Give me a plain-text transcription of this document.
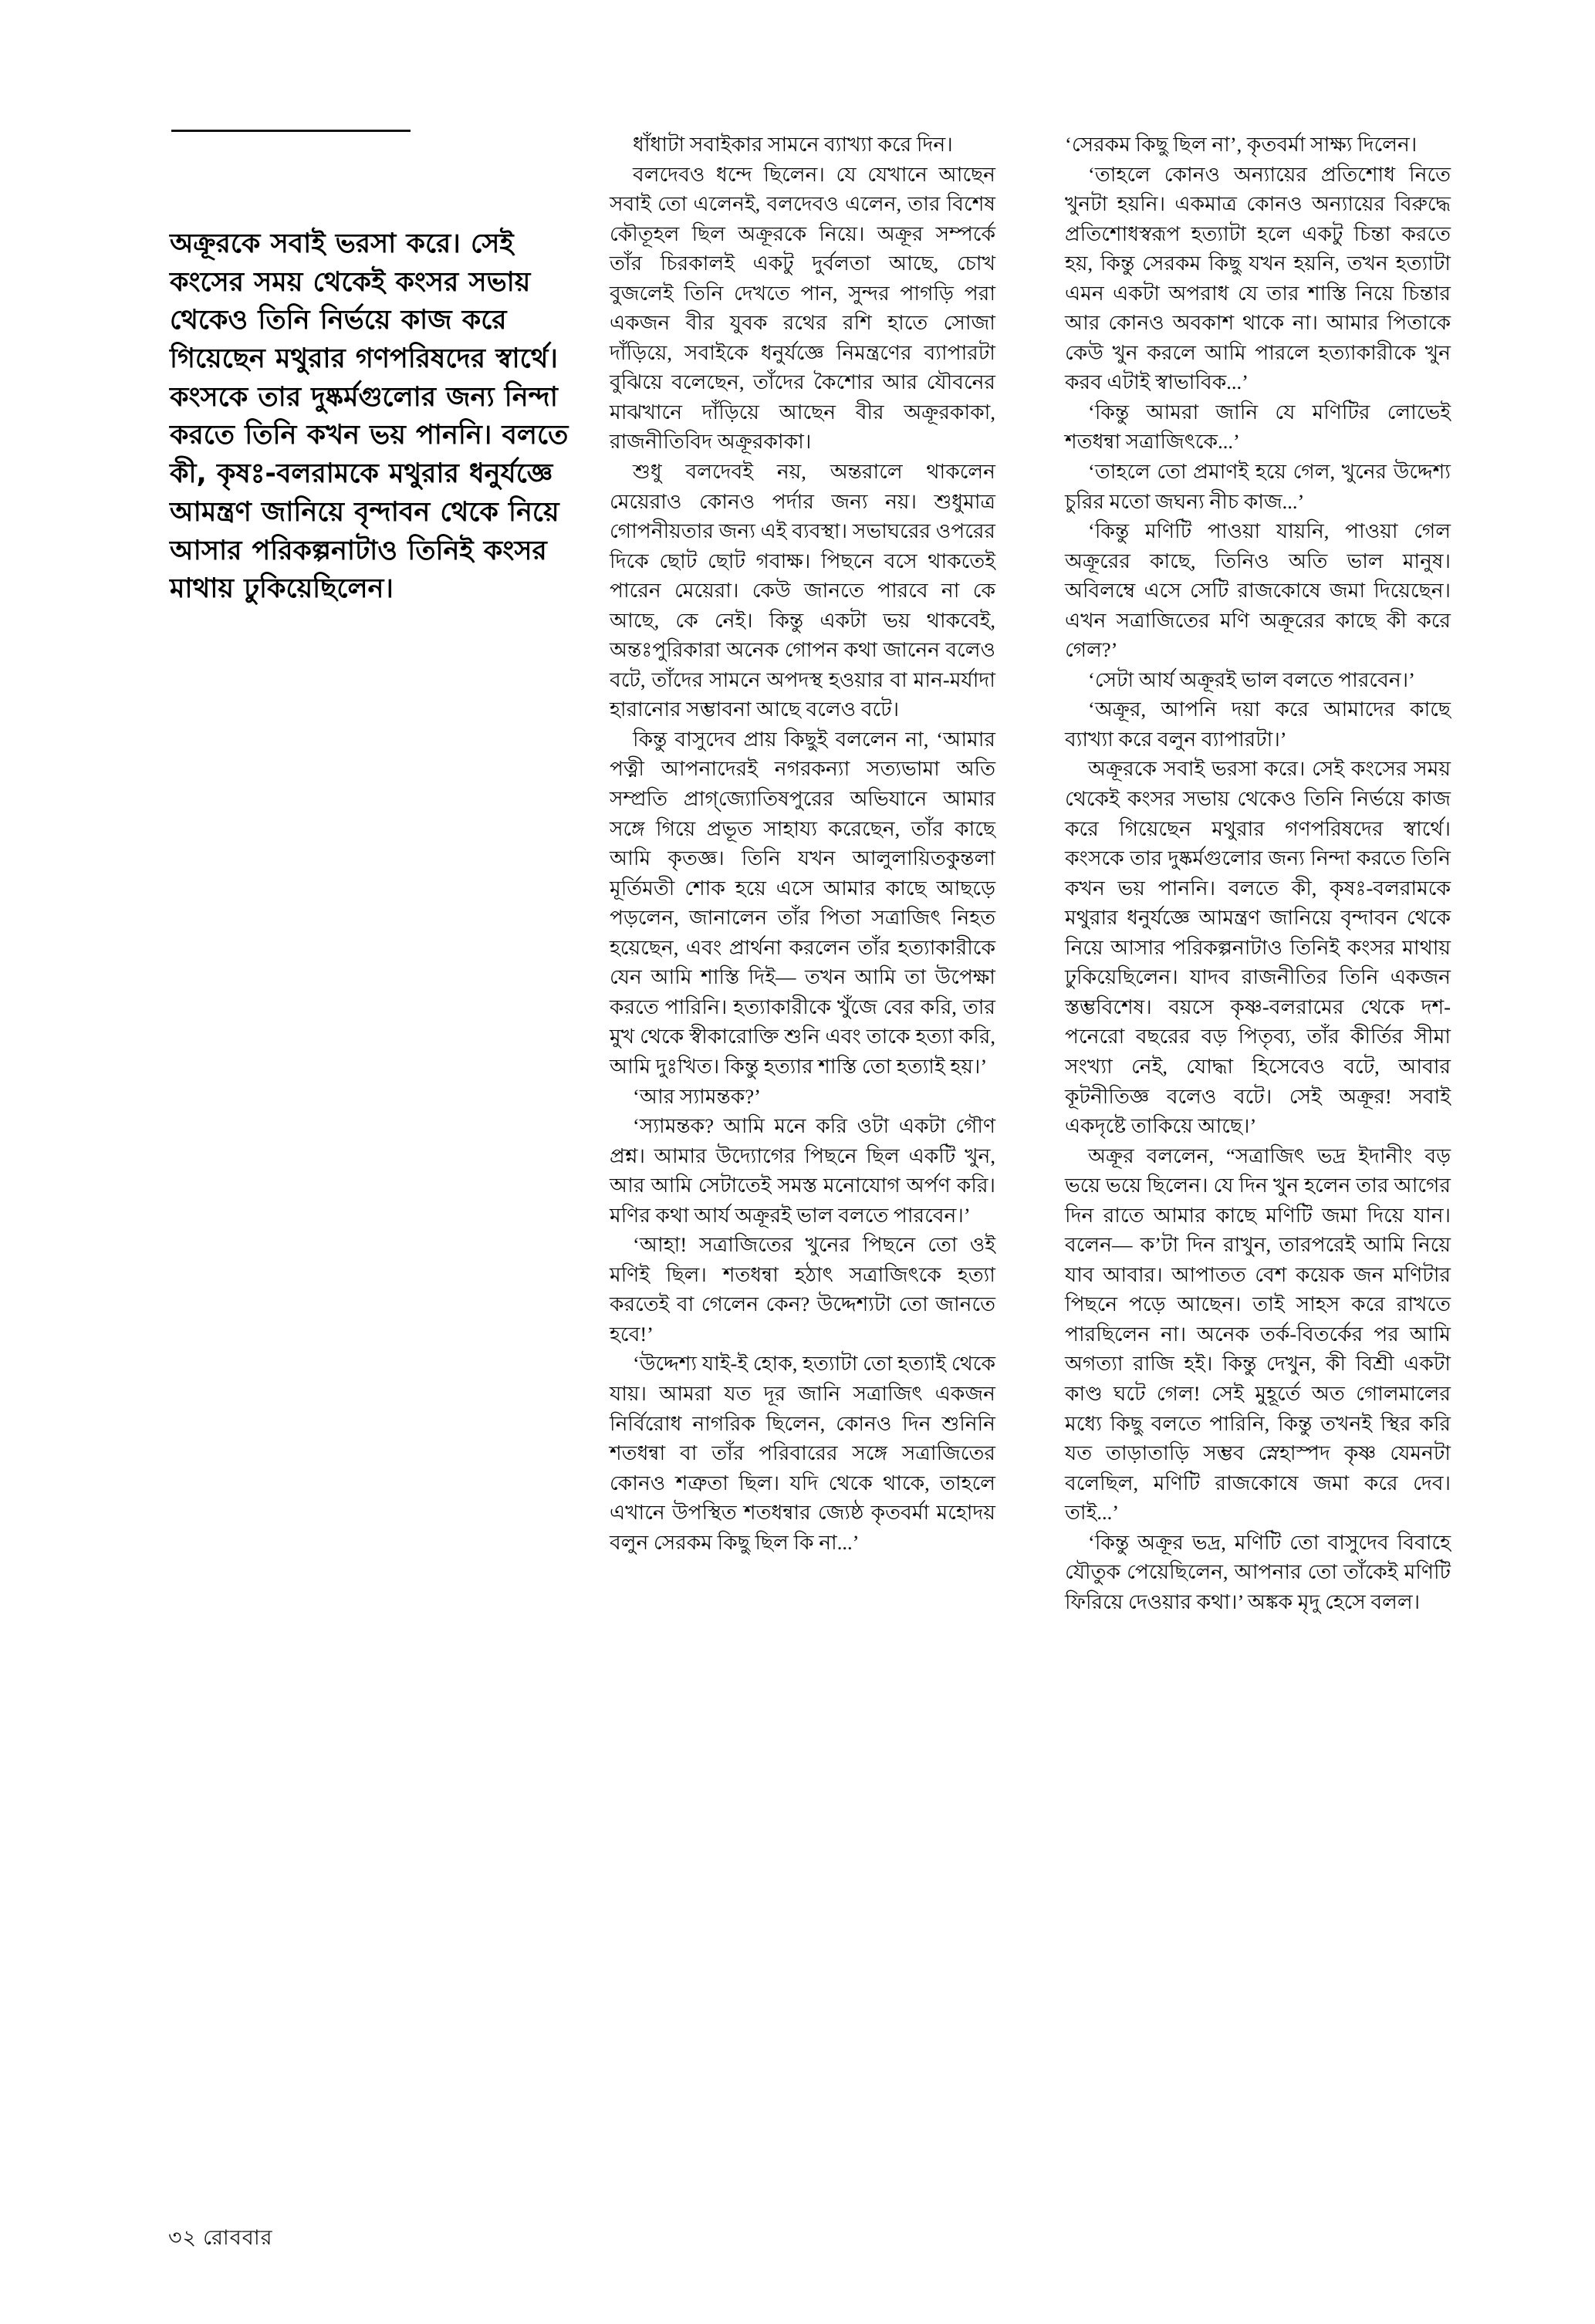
অক্রূরকে সবাই ভরসা করে। সেই কংসের সময় থেকেই কংসর সভায় থেকেও তিনি নির্ভয়ে কাজ করে গিয়েছেন মথুরার গণপরিষদের স্বার্থে। কংসকে তার দুষ্কর্মগুলোর জন্য নিন্দা করতে তিনি কখন ভয় পাননি। বলতে কী, কৃষঃ-বলরামকে মথুরার ধনুর্যজ্ঞে আমন্ত্রণ জানিয়ে বৃন্দাবন থেকে নিয়ে আসার পরিকল্পনাটাও তিনিই কংসর মাথায় ঢুকিয়েছিলেন।

ধাঁধাটা সবাইকার সামনে ব্যাখ্যা করে দিন।

বলদেবও ধন্দে ছিলেন। যে যেখানে আছেন সবাই তো এলেনই, বলদেবও এলেন, তার বিশেষ কৌতূহল ছিল অক্রূরকে নিয়ে। অক্রূর সম্পর্কে তাঁর চিরকালই একটু দুর্বলতা আছে, চোখ বুজলেই তিনি দেখতে পান, সুন্দর পাগড়ি পরা একজন বীর যুবক রথের রশি হাতে সোজা দাঁড়িয়ে, সবাইকে ধনুর্যজ্ঞে নিমন্ত্রণের ব্যাপারটা বুঝিয়ে বলেছেন, তাঁদের কৈশোর আর যৌবনের মাঝখানে দাঁড়িয়ে আছেন বীর অক্রূরকাকা, রাজনীতিবিদ অক্রূরকাকা।

শুধু বলদেবই নয়, অন্তরালে থাকলেন মেয়েরাও কোনও পর্দার জন্য নয়। শুধুমাত্র গোপনীয়তার জন্য এই ব্যবস্থা। সভাঘরের ওপরের দিকে ছোট ছোট গবাক্ষ। পিছনে বসে থাকতেই পারেন মেয়েরা। কেউ জানতে পারবে না কে আছে, কে নেই। কিন্তু একটা ভয় থাকবেই, অন্তঃপুরিকারা অনেক গোপন কথা জানেন বলেও বটে, তাঁদের সামনে অপদস্থ হওয়ার বা মান-মর্যাদা হারানোর সম্ভাবনা আছে বলেও বটে।

কিন্তু বাসুদেব প্রায় কিছুই বললেন না, ‘আমার পত্নী আপনাদেরই নগরকন্যা সত্যভামা অতি সম্প্রতি প্রাগ্‌জ্যোতিষপুরের অভিযানে আমার সঙ্গে গিয়ে প্রভূত সাহায্য করেছেন, তাঁর কাছে আমি কৃতজ্ঞ। তিনি যখন আলুলায়িতকুন্তলা মূর্তিমতী শোক হয়ে এসে আমার কাছে আছড়ে পড়লেন, জানালেন তাঁর পিতা সত্রাজিৎ নিহত হয়েছেন, এবং প্রার্থনা করলেন তাঁর হত্যাকারীকে যেন আমি শাস্তি দিই— তখন আমি তা উপেক্ষা করতে পারিনি। হত্যাকারীকে খুঁজে বের করি, তার মুখ থেকে স্বীকারোক্তি শুনি এবং তাকে হত্যা করি, আমি দুঃখিত। কিন্তু হত্যার শাস্তি তো হত্যাই হয়।’

‘আর স্যামন্তক?’

‘স্যামন্তক? আমি মনে করি ওটা একটা গৌণ প্রশ্ন। আমার উদ্যোগের পিছনে ছিল একটি খুন, আর আমি সেটাতেই সমস্ত মনোযোগ অর্পণ করি। মণির কথা আর্য অক্রূরই ভাল বলতে পারবেন।’

‘আহা! সত্রাজিতের খুনের পিছনে তো ওই মণিই ছিল। শতধন্বা হঠাৎ সত্রাজিৎকে হত্যা করতেই বা গেলেন কেন? উদ্দেশ্যটা তো জানতে হবে!’

‘উদ্দেশ্য যাই-ই হোক, হত্যাটা তো হত্যাই থেকে যায়। আমরা যত দূর জানি সত্রাজিৎ একজন নির্বিরোধ নাগরিক ছিলেন, কোনও দিন শুনিনি শতধন্বা বা তাঁর পরিবারের সঙ্গে সত্রাজিতের কোনও শত্রুতা ছিল। যদি থেকে থাকে, তাহলে এখানে উপস্থিত শতধন্বার জ্যেষ্ঠ কৃতবর্মা মহোদয় বলুন সেরকম কিছু ছিল কি না...’

‘সেরকম কিছু ছিল না’, কৃতবর্মা সাক্ষ্য দিলেন।

‘তাহলে কোনও অন্যায়ের প্রতিশোধ নিতে খুনটা হয়নি। একমাত্র কোনও অন্যায়ের বিরুদ্ধে প্রতিশোধস্বরূপ হত্যাটা হলে একটু চিন্তা করতে হয়, কিন্তু সেরকম কিছু যখন হয়নি, তখন হত্যাটা এমন একটা অপরাধ যে তার শাস্তি নিয়ে চিন্তার আর কোনও অবকাশ থাকে না। আমার পিতাকে কেউ খুন করলে আমি পারলে হত্যাকারীকে খুন করব এটাই স্বাভাবিক...’

‘কিন্তু আমরা জানি যে মণিটির লোভেই শতধন্বা সত্রাজিৎকে...’

‘তাহলে তো প্রমাণই হয়ে গেল, খুনের উদ্দেশ্য চুরির মতো জঘন্য নীচ কাজ...’

‘কিন্তু মণিটি পাওয়া যায়নি, পাওয়া গেল অক্রূরের কাছে, তিনিও অতি ভাল মানুষ। অবিলম্বে এসে সেটি রাজকোষে জমা দিয়েছেন। এখন সত্রাজিতের মণি অক্রূরের কাছে কী করে গেল?’

‘সেটা আর্য অক্রূরই ভাল বলতে পারবেন।’

‘অক্রূর, আপনি দয়া করে আমাদের কাছে ব্যাখ্যা করে বলুন ব্যাপারটা।’

অক্রূরকে সবাই ভরসা করে। সেই কংসের সময় থেকেই কংসর সভায় থেকেও তিনি নির্ভয়ে কাজ করে গিয়েছেন মথুরার গণপরিষদের স্বার্থে। কংসকে তার দুষ্কর্মগুলোর জন্য নিন্দা করতে তিনি কখন ভয় পাননি। বলতে কী, কৃষঃ-বলরামকে মথুরার ধনুর্যজ্ঞে আমন্ত্রণ জানিয়ে বৃন্দাবন থেকে নিয়ে আসার পরিকল্পনাটাও তিনিই কংসর মাথায় ঢুকিয়েছিলেন। যাদব রাজনীতির তিনি একজন স্তম্ভবিশেষ। বয়সে কৃষ্ণ-বলরামের থেকে দশ-পনেরো বছরের বড় পিতৃব্য, তাঁর কীর্তির সীমা সংখ্যা নেই, যোদ্ধা হিসেবেও বটে, আবার কূটনীতিজ্ঞ বলেও বটে। সেই অক্রূর! সবাই একদৃষ্টে তাকিয়ে আছে।’

অক্রূর বললেন, “সত্রাজিৎ ভদ্র ইদানীং বড় ভয়ে ভয়ে ছিলেন। যে দিন খুন হলেন তার আগের দিন রাতে আমার কাছে মণিটি জমা দিয়ে যান। বলেন— ক’টা দিন রাখুন, তারপরেই আমি নিয়ে যাব আবার। আপাতত বেশ কয়েক জন মণিটার পিছনে পড়ে আছেন। তাই সাহস করে রাখতে পারছিলেন না। অনেক তর্ক-বিতর্কের পর আমি অগত্যা রাজি হই। কিন্তু দেখুন, কী বিশ্রী একটা কাণ্ড ঘটে গেল! সেই মুহূর্তে অত গোলমালের মধ্যে কিছু বলতে পারিনি, কিন্তু তখনই স্থির করি যত তাড়াতাড়ি সম্ভব স্নেহাস্পদ কৃষ্ণ যেমনটা বলেছিল, মণিটি রাজকোষে জমা করে দেব। তাই...’

‘কিন্তু অক্রূর ভদ্র, মণিটি তো বাসুদেব বিবাহে যৌতুক পেয়েছিলেন, আপনার তো তাঁকেই মণিটি ফিরিয়ে দেওয়ার কথা।’ অঙ্কক মৃদু হেসে বলল।

৩২ রোববার
